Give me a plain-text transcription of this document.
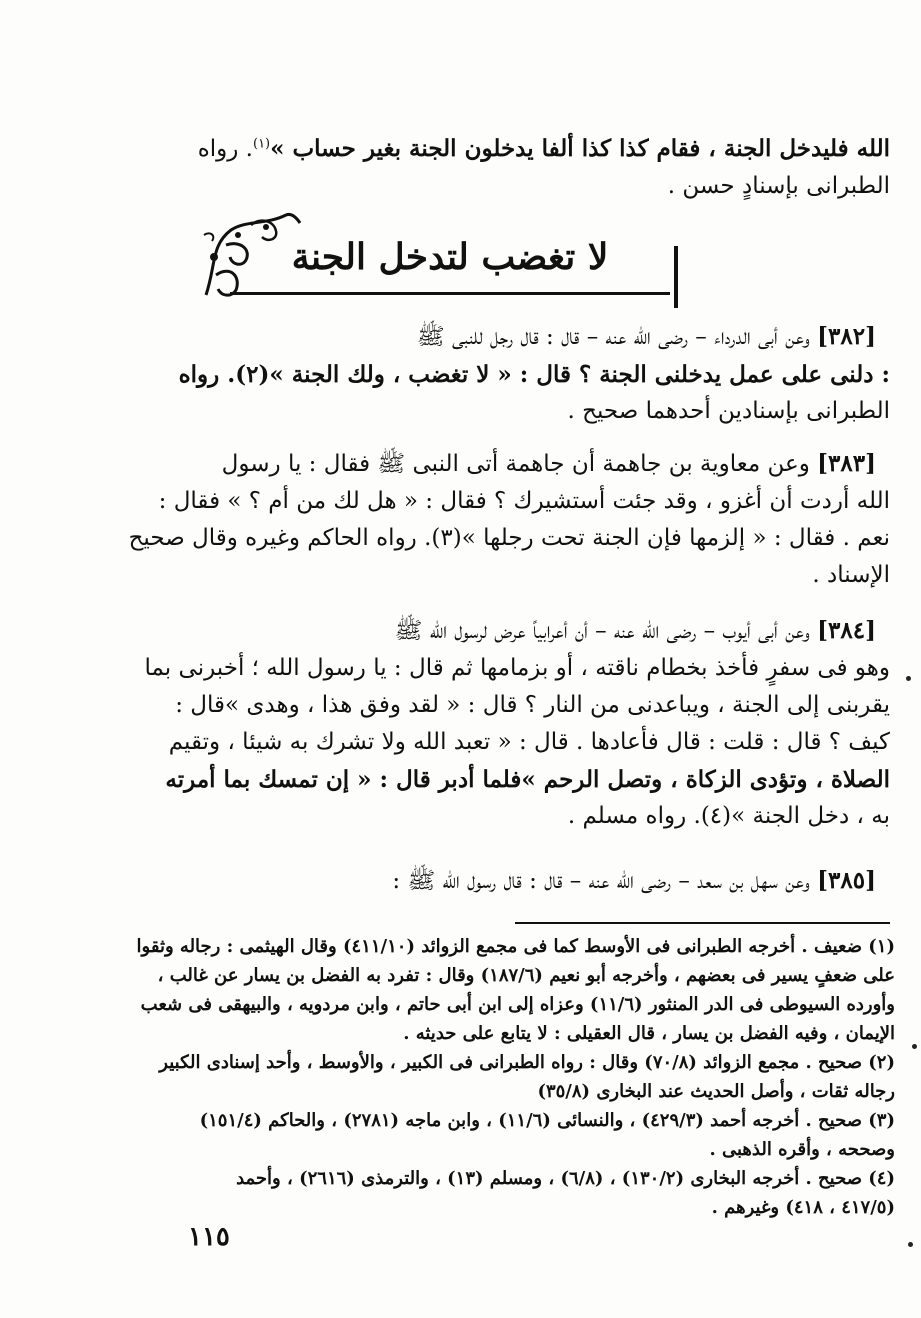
الله فليدخل الجنة ، فقام كذا كذا ألفا يدخلون الجنة بغير حساب »$^{(١)}$. رواه
الطبرانى بإسنادٍ حسن .
لا تغضب لتدخل الجنة
[٣٨٢] وعن أبى الدرداء – رضى الله عنه – قال : قال رجل للنبى ﷺ
: دلنى على عمل يدخلنى الجنة ؟ قال : « لا تغضب ، ولك الجنة »(٢). رواه
الطبرانى بإسنادين أحدهما صحيح .
[٣٨٣] وعن معاوية بن جاهمة أن جاهمة أتى النبى ﷺ فقال : يا رسول
الله أردت أن أغزو ، وقد جئت أستشيرك ؟ فقال : « هل لك من أم ؟ » فقال :
نعم . فقال : « إلزمها فإن الجنة تحت رجلها »(٣). رواه الحاكم وغيره وقال صحيح
الإسناد .
[٣٨٤] وعن أبى أيوب – رضى الله عنه – أن أعرابياً عرض لرسول الله ﷺ
وهو فى سفرٍ فأخذ بخطام ناقته ، أو بزمامها ثم قال : يا رسول الله ؛ أخبرنى بما
يقربنى إلى الجنة ، ويباعدنى من النار ؟ قال : « لقد وفق هذا ، وهدى »قال :
كيف ؟ قال : قلت : قال فأعادها . قال : « تعبد الله ولا تشرك به شيئا ، وتقيم
الصلاة ، وتؤدى الزكاة ، وتصل الرحم »فلما أدبر قال : « إن تمسك بما أمرته
به ، دخل الجنة »(٤). رواه مسلم .
[٣٨٥] وعن سهل بن سعد – رضى الله عنه – قال : قال رسول الله ﷺ :
(١) ضعيف . أخرجه الطبرانى فى الأوسط كما فى مجمع الزوائد (٤١١/١٠) وقال الهيثمى : رجاله وثقوا
على ضعفٍ يسير فى بعضهم ، وأخرجه أبو نعيم (١٨٧/٦) وقال : تفرد به الفضل بن يسار عن غالب ،
وأورده السيوطى فى الدر المنثور (١١/٦) وعزاه إلى ابن أبى حاتم ، وابن مردويه ، والبيهقى فى شعب
الإيمان ، وفيه الفضل بن يسار ، قال العقيلى : لا يتابع على حديثه .
(٢) صحيح . مجمع الزوائد (٧٠/٨) وقال : رواه الطبرانى فى الكبير ، والأوسط ، وأحد إسنادى الكبير
رجاله ثقات ، وأصل الحديث عند البخارى (٣٥/٨)
(٣) صحيح . أخرجه أحمد (٤٢٩/٣) ، والنسائى (١١/٦) ، وابن ماجه (٢٧٨١) ، والحاكم (١٥١/٤)
وصححه ، وأقره الذهبى .
(٤) صحيح . أخرجه البخارى (١٣٠/٢) ، (٦/٨) ، ومسلم (١٣) ، والترمذى (٢٦١٦) ، وأحمد
(٤١٧/٥ ، ٤١٨) وغيرهم .
١١٥
